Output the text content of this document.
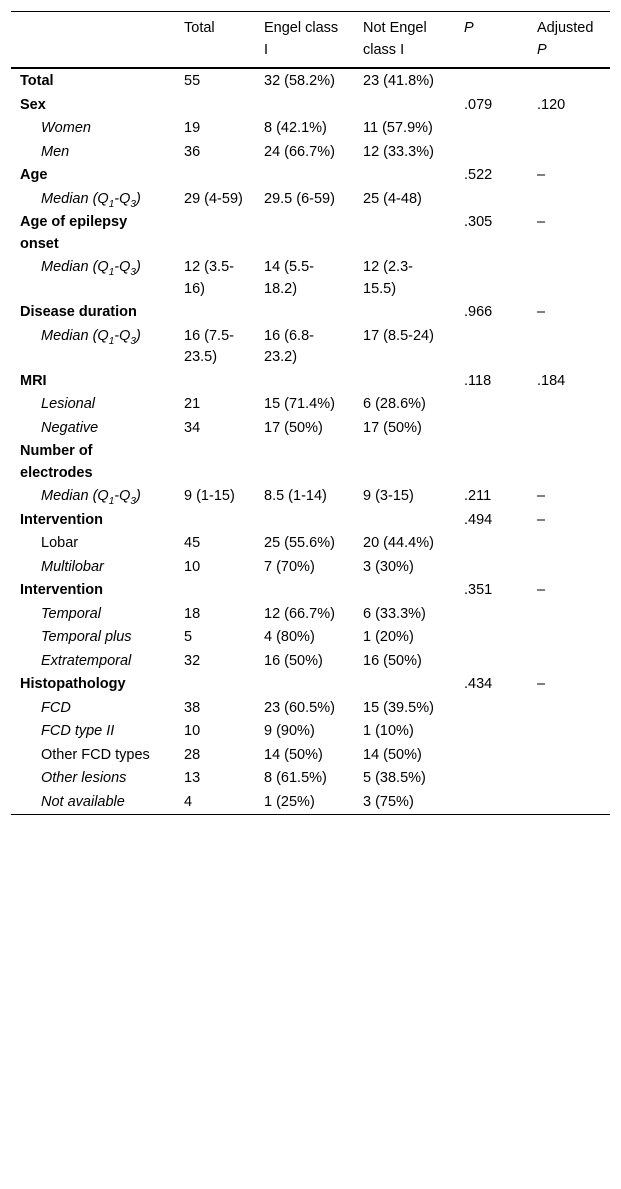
	Total	Engel class I	Not Engel class I	P	Adjusted P
Total	55	32 (58.2%)	23 (41.8%)		
Sex				.079	.120
Women	19	8 (42.1%)	11 (57.9%)		
Men	36	24 (66.7%)	12 (33.3%)		
Age				.522	–
Median $(Q_1-Q_3)$	29 (4-59)	29.5 (6-59)	25 (4-48)		
Age of epilepsy onset				.305	–
Median $(Q_1-Q_3)$	12 (3.5-16)	14 (5.5-18.2)	12 (2.3-15.5)		
Disease duration				.966	–
Median $(Q_1-Q_3)$	16 (7.5-23.5)	16 (6.8-23.2)	17 (8.5-24)		
MRI				.118	.184
Lesional	21	15 (71.4%)	6 (28.6%)		
Negative	34	17 (50%)	17 (50%)		
Number of electrodes					
Median $(Q_1-Q_3)$	9 (1-15)	8.5 (1-14)	9 (3-15)	.211	–
Intervention				.494	–
Lobar	45	25 (55.6%)	20 (44.4%)		
Multilobar	10	7 (70%)	3 (30%)		
Intervention				.351	–
Temporal	18	12 (66.7%)	6 (33.3%)		
Temporal plus	5	4 (80%)	1 (20%)		
Extratemporal	32	16 (50%)	16 (50%)		
Histopathology				.434	–
FCD	38	23 (60.5%)	15 (39.5%)		
FCD type II	10	9 (90%)	1 (10%)		
Other FCD types	28	14 (50%)	14 (50%)		
Other lesions	13	8 (61.5%)	5 (38.5%)		
Not available	4	1 (25%)	3 (75%)		
